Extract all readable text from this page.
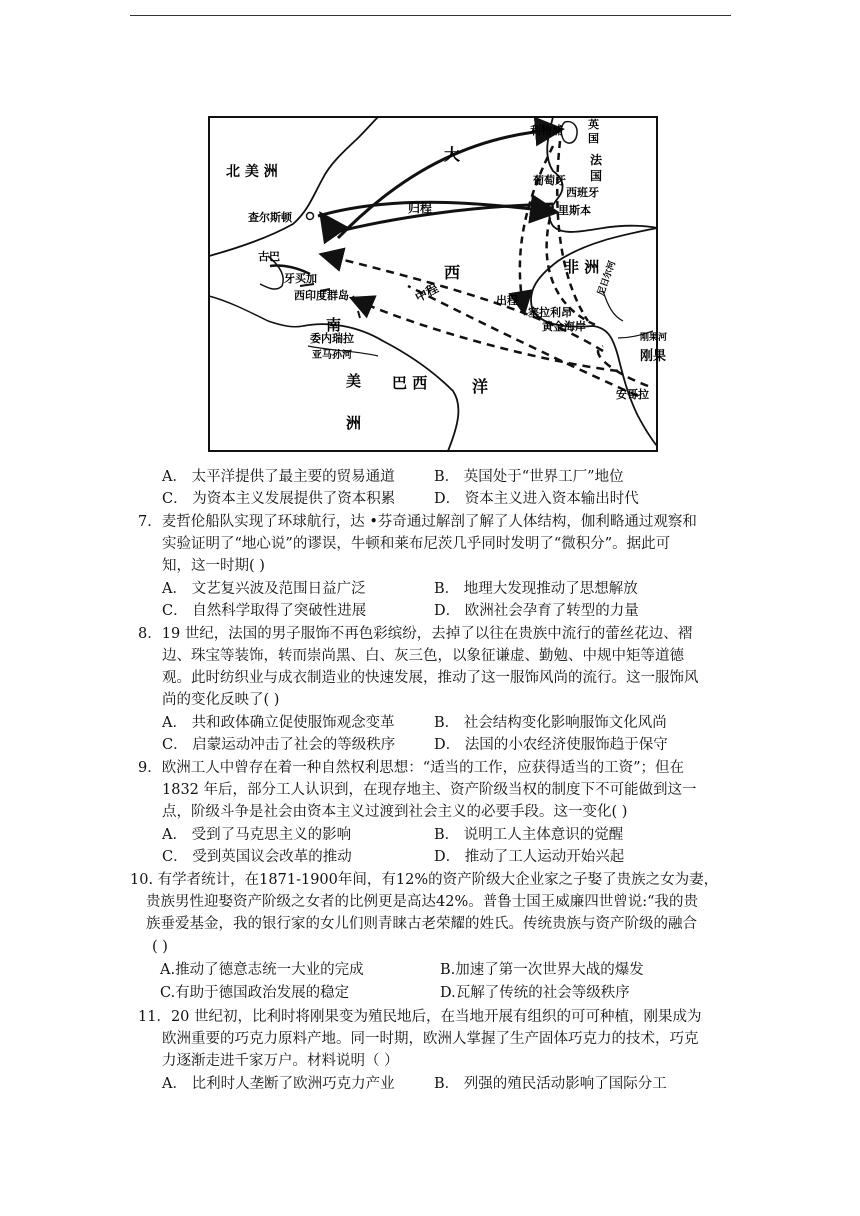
北 美 洲
大
西
洋
南
美
洲
巴 西
非 洲
利物浦 英
国
法
国
葡萄牙
西班牙
里斯本
查尔斯顿
归程
古巴
牙买加
西印度群岛	中程	出程
塞拉利昂
黄金海岸
尼日尔河
刚果河
刚果
安哥拉
委内瑞拉
亚马孙河
A． 太平洋提供了最主要的贸易通道	B． 英国处于“世界工厂”地位
C． 为资本主义发展提供了资本积累	D． 资本主义进入资本输出时代
7．麦哲伦船队实现了环球航行，达 •芬奇通过解剖了解了人体结构，伽利略通过观察和
实验证明了“地心说”的谬误，牛顿和莱布尼茨几乎同时发明了“微积分”。据此可
知，这一时期( )
A． 文艺复兴波及范围日益广泛	B． 地理大发现推动了思想解放
C． 自然科学取得了突破性进展	D． 欧洲社会孕育了转型的力量
8．19 世纪，法国的男子服饰不再色彩缤纷，去掉了以往在贵族中流行的蕾丝花边、褶
边、珠宝等装饰，转而崇尚黑、白、灰三色，以象征谦虚、勤勉、中规中矩等道德
观。此时纺织业与成衣制造业的快速发展，推动了这一服饰风尚的流行。这一服饰风
尚的变化反映了( )
A． 共和政体确立促使服饰观念变革	B． 社会结构变化影响服饰文化风尚
C． 启蒙运动冲击了社会的等级秩序	D． 法国的小农经济使服饰趋于保守
9．欧洲工人中曾存在着一种自然权利思想：“适当的工作，应获得适当的工资”；但在
1832 年后，部分工人认识到，在现存地主、资产阶级当权的制度下不可能做到这一
点，阶级斗争是社会由资本主义过渡到社会主义的必要手段。这一变化( )
A． 受到了马克思主义的影响	B． 说明工人主体意识的觉醒
C． 受到英国议会改革的推动	D． 推动了工人运动开始兴起
10. 有学者统计，在1871-1900年间，有12%的资产阶级大企业家之子娶了贵族之女为妻，
贵族男性迎娶资产阶级之女者的比例更是高达42%。普鲁士国王威廉四世曾说:“我的贵
族垂爱基金，我的银行家的女儿们则青睐古老荣耀的姓氏。传统贵族与资产阶级的融合
( )
A.推动了德意志统一大业的完成	B.加速了第一次世界大战的爆发
C.有助于德国政治发展的稳定	D.瓦解了传统的社会等级秩序
11．20 世纪初，比利时将刚果变为殖民地后，在当地开展有组织的可可种植，刚果成为
欧洲重要的巧克力原料产地。同一时期，欧洲人掌握了生产固体巧克力的技术，巧克
力逐渐走进千家万户。材料说明（ ）
A． 比利时人垄断了欧洲巧克力产业	B． 列强的殖民活动影响了国际分工
